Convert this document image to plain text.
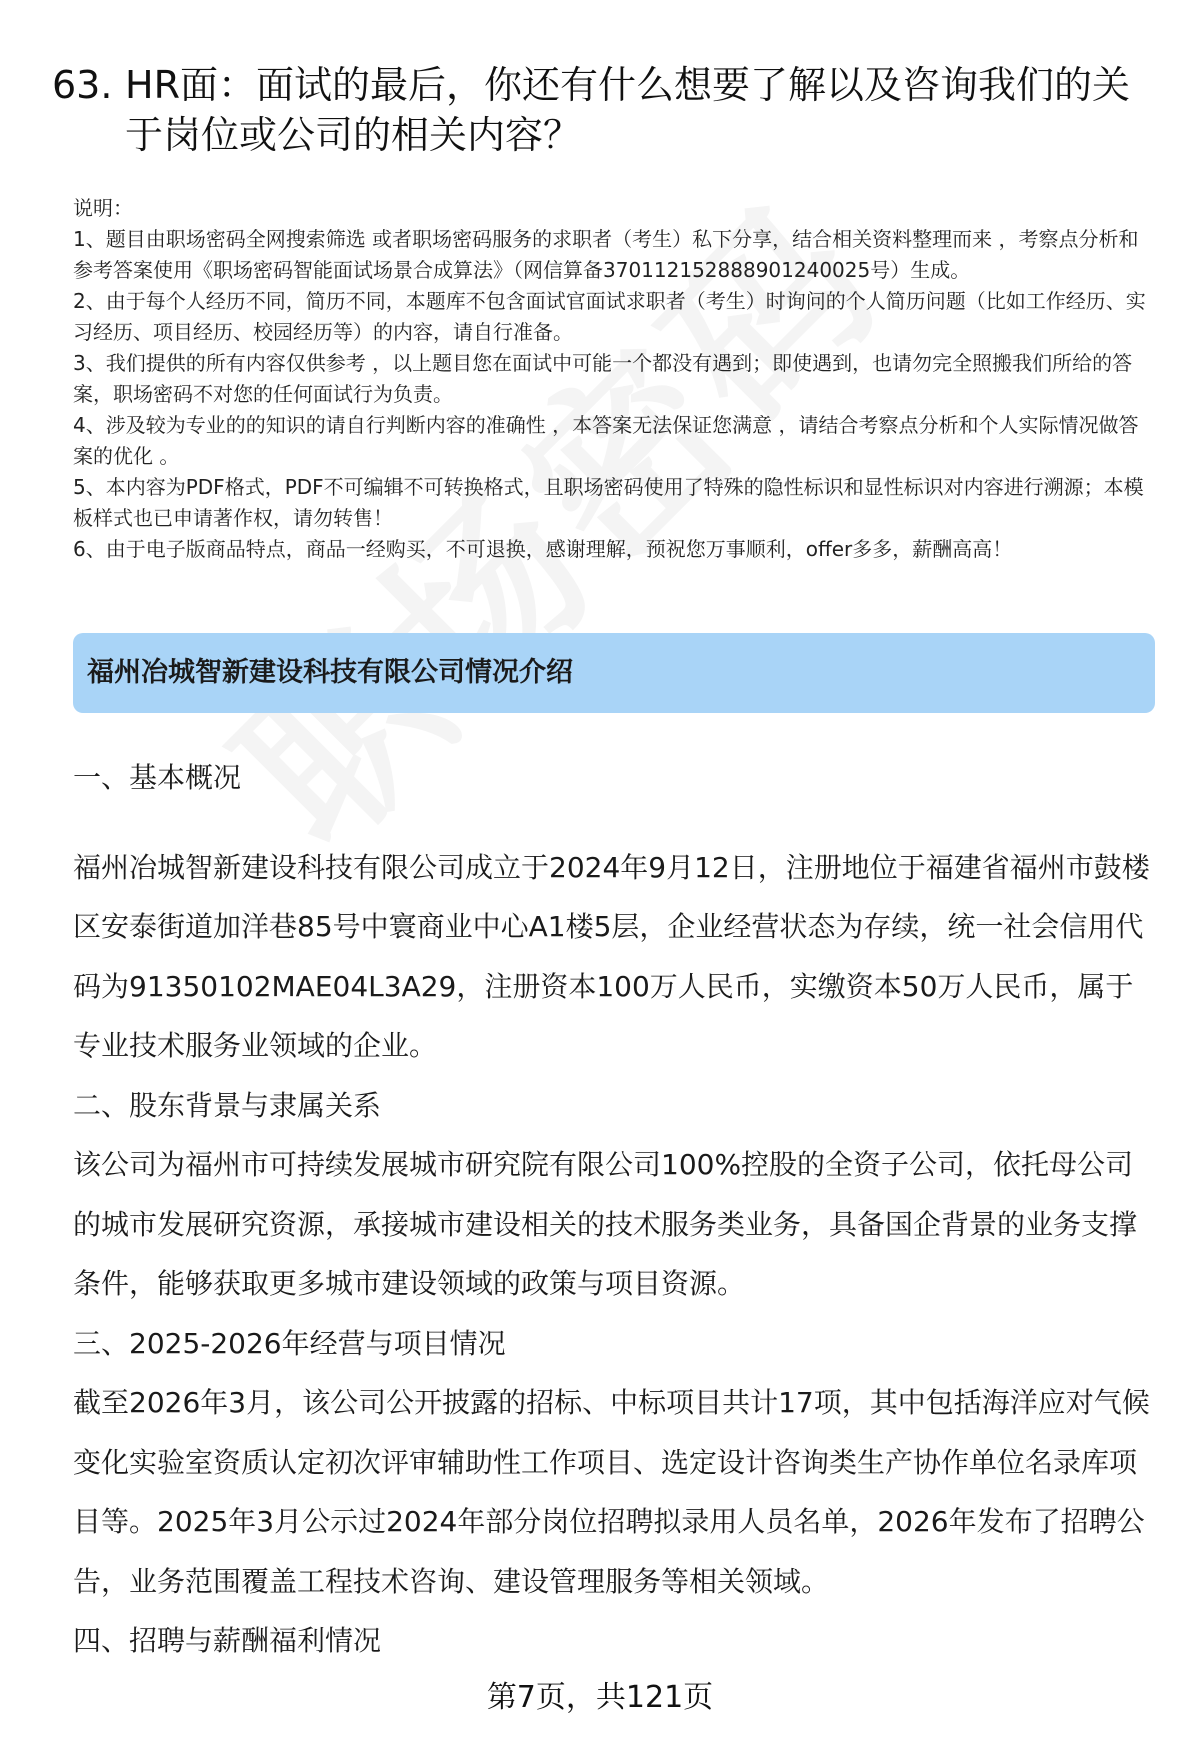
63. HR面：面试的最后，你还有什么想要了解以及咨询我们的关于岗位或公司的相关内容？

说明：

1、题目由职场密码全网搜索筛选 或者职场密码服务的求职者（考生）私下分享，结合相关资料整理而来 ，考察点分析和参考答案使用《职场密码智能面试场景合成算法》（网信算备370112152888901240025号）生成。

2、由于每个人经历不同，简历不同，本题库不包含面试官面试求职者（考生）时询问的个人简历问题（比如工作经历、实习经历、项目经历、校园经历等）的内容，请自行准备。

3、我们提供的所有内容仅供参考 ，以上题目您在面试中可能一个都没有遇到；即使遇到，也请勿完全照搬我们所给的答案，职场密码不对您的任何面试行为负责。

4、涉及较为专业的的知识的请自行判断内容的准确性 ，本答案无法保证您满意 ，请结合考察点分析和个人实际情况做答案的优化 。

5、本内容为PDF格式，PDF不可编辑不可转换格式，且职场密码使用了特殊的隐性标识和显性标识对内容进行溯源；本模板样式也已申请著作权，请勿转售！

6、由于电子版商品特点，商品一经购买，不可退换，感谢理解，预祝您万事顺利，offer多多，薪酬高高！

福州冶城智新建设科技有限公司情况介绍

一、基本概况

福州冶城智新建设科技有限公司成立于2024年9月12日，注册地位于福建省福州市鼓楼区安泰街道加洋巷85号中寰商业中心A1楼5层，企业经营状态为存续，统一社会信用代码为91350102MAE04L3A29，注册资本100万人民币，实缴资本50万人民币，属于专业技术服务业领域的企业。

二、股东背景与隶属关系

该公司为福州市可持续发展城市研究院有限公司100%控股的全资子公司，依托母公司的城市发展研究资源，承接城市建设相关的技术服务类业务，具备国企背景的业务支撑条件，能够获取更多城市建设领域的政策与项目资源。

三、2025-2026年经营与项目情况

截至2026年3月，该公司公开披露的招标、中标项目共计17项，其中包括海洋应对气候变化实验室资质认定初次评审辅助性工作项目、选定设计咨询类生产协作单位名录库项目等。2025年3月公示过2024年部分岗位招聘拟录用人员名单，2026年发布了招聘公告，业务范围覆盖工程技术咨询、建设管理服务等相关领域。

四、招聘与薪酬福利情况

第7页，共121页
